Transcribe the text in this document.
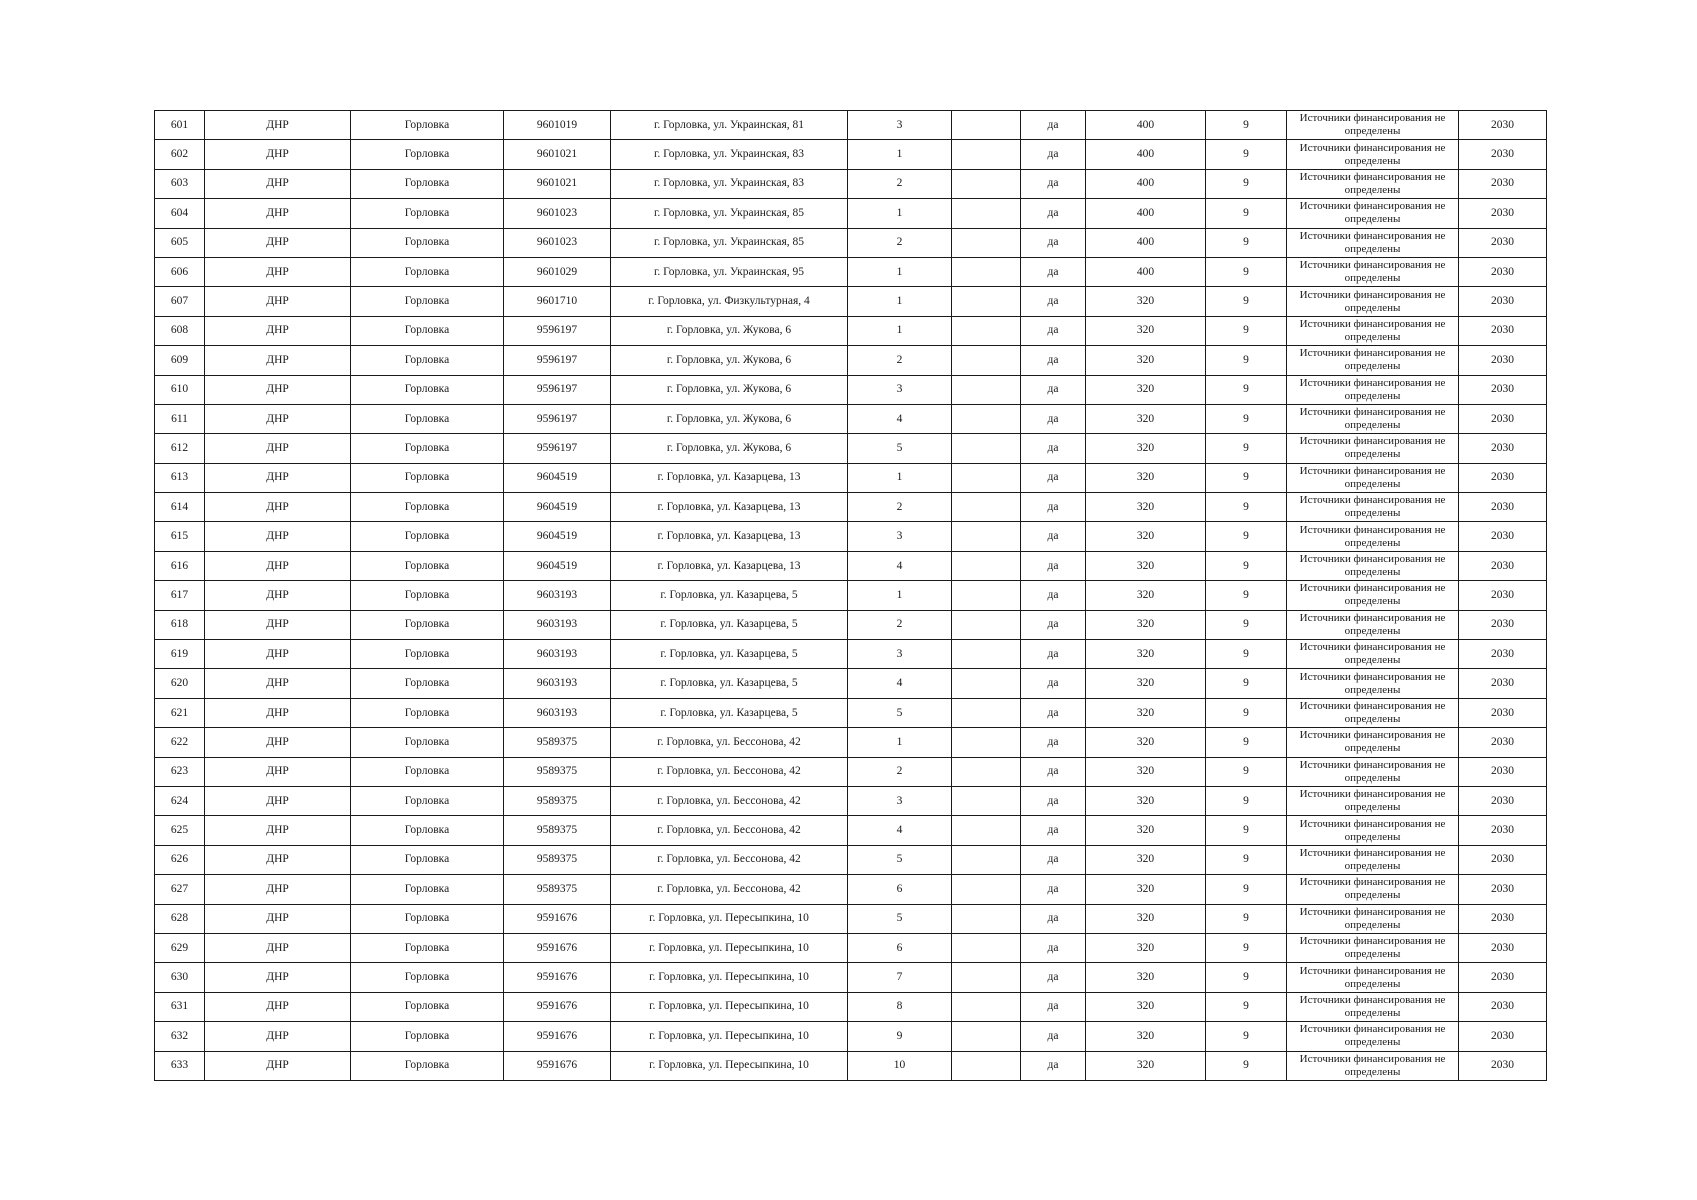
601	ДНР	Горловка	9601019	г. Горловка, ул. Украинская, 81	3		да	400	9	Источники финансирования не определены	2030
602	ДНР	Горловка	9601021	г. Горловка, ул. Украинская, 83	1		да	400	9	Источники финансирования не определены	2030
603	ДНР	Горловка	9601021	г. Горловка, ул. Украинская, 83	2		да	400	9	Источники финансирования не определены	2030
604	ДНР	Горловка	9601023	г. Горловка, ул. Украинская, 85	1		да	400	9	Источники финансирования не определены	2030
605	ДНР	Горловка	9601023	г. Горловка, ул. Украинская, 85	2		да	400	9	Источники финансирования не определены	2030
606	ДНР	Горловка	9601029	г. Горловка, ул. Украинская, 95	1		да	400	9	Источники финансирования не определены	2030
607	ДНР	Горловка	9601710	г. Горловка, ул. Физкультурная, 4	1		да	320	9	Источники финансирования не определены	2030
608	ДНР	Горловка	9596197	г. Горловка, ул. Жукова, 6	1		да	320	9	Источники финансирования не определены	2030
609	ДНР	Горловка	9596197	г. Горловка, ул. Жукова, 6	2		да	320	9	Источники финансирования не определены	2030
610	ДНР	Горловка	9596197	г. Горловка, ул. Жукова, 6	3		да	320	9	Источники финансирования не определены	2030
611	ДНР	Горловка	9596197	г. Горловка, ул. Жукова, 6	4		да	320	9	Источники финансирования не определены	2030
612	ДНР	Горловка	9596197	г. Горловка, ул. Жукова, 6	5		да	320	9	Источники финансирования не определены	2030
613	ДНР	Горловка	9604519	г. Горловка, ул. Казарцева, 13	1		да	320	9	Источники финансирования не определены	2030
614	ДНР	Горловка	9604519	г. Горловка, ул. Казарцева, 13	2		да	320	9	Источники финансирования не определены	2030
615	ДНР	Горловка	9604519	г. Горловка, ул. Казарцева, 13	3		да	320	9	Источники финансирования не определены	2030
616	ДНР	Горловка	9604519	г. Горловка, ул. Казарцева, 13	4		да	320	9	Источники финансирования не определены	2030
617	ДНР	Горловка	9603193	г. Горловка, ул. Казарцева, 5	1		да	320	9	Источники финансирования не определены	2030
618	ДНР	Горловка	9603193	г. Горловка, ул. Казарцева, 5	2		да	320	9	Источники финансирования не определены	2030
619	ДНР	Горловка	9603193	г. Горловка, ул. Казарцева, 5	3		да	320	9	Источники финансирования не определены	2030
620	ДНР	Горловка	9603193	г. Горловка, ул. Казарцева, 5	4		да	320	9	Источники финансирования не определены	2030
621	ДНР	Горловка	9603193	г. Горловка, ул. Казарцева, 5	5		да	320	9	Источники финансирования не определены	2030
622	ДНР	Горловка	9589375	г. Горловка, ул. Бессонова, 42	1		да	320	9	Источники финансирования не определены	2030
623	ДНР	Горловка	9589375	г. Горловка, ул. Бессонова, 42	2		да	320	9	Источники финансирования не определены	2030
624	ДНР	Горловка	9589375	г. Горловка, ул. Бессонова, 42	3		да	320	9	Источники финансирования не определены	2030
625	ДНР	Горловка	9589375	г. Горловка, ул. Бессонова, 42	4		да	320	9	Источники финансирования не определены	2030
626	ДНР	Горловка	9589375	г. Горловка, ул. Бессонова, 42	5		да	320	9	Источники финансирования не определены	2030
627	ДНР	Горловка	9589375	г. Горловка, ул. Бессонова, 42	6		да	320	9	Источники финансирования не определены	2030
628	ДНР	Горловка	9591676	г. Горловка, ул. Пересыпкина, 10	5		да	320	9	Источники финансирования не определены	2030
629	ДНР	Горловка	9591676	г. Горловка, ул. Пересыпкина, 10	6		да	320	9	Источники финансирования не определены	2030
630	ДНР	Горловка	9591676	г. Горловка, ул. Пересыпкина, 10	7		да	320	9	Источники финансирования не определены	2030
631	ДНР	Горловка	9591676	г. Горловка, ул. Пересыпкина, 10	8		да	320	9	Источники финансирования не определены	2030
632	ДНР	Горловка	9591676	г. Горловка, ул. Пересыпкина, 10	9		да	320	9	Источники финансирования не определены	2030
633	ДНР	Горловка	9591676	г. Горловка, ул. Пересыпкина, 10	10		да	320	9	Источники финансирования не определены	2030
